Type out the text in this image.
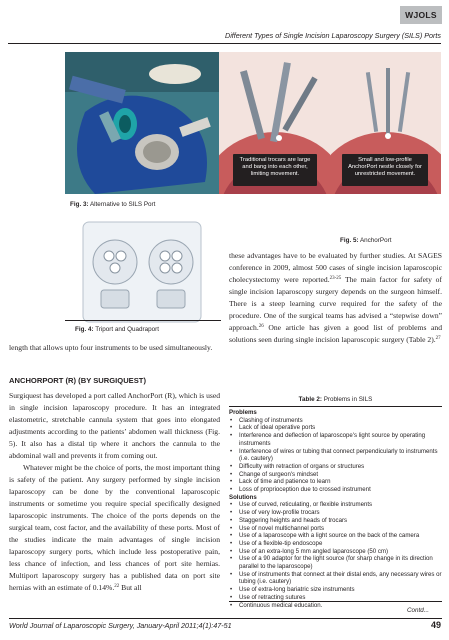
WJOLS
Different Types of Single Incision Laparoscopy Surgery (SILS) Ports
Traditional trocars are large and bang into each other, limiting movement.
Small and low-profile AnchorPort nestle closely for unrestricted movement.
Fig. 3: Alternative to SILS Port
Fig. 5: AnchorPort
Fig. 4: Triport and Quadraport

length that allows upto four instruments to be used simultaneously.

ANCHORPORT (R) (BY SURGIQUEST)

Surgiquest has developed a port called AnchorPort (R), which is used in single incision laparoscopy procedure. It has an integrated elastometric, stretchable cannula system that goes into elongated adjustments according to the patients’ abdomen wall thickness (Fig. 5). It also has a distal tip where it anchors the cannula to the abdominal wall and prevents it from coming out.

Whatever might be the choice of ports, the most important thing is safety of the patient. Any surgery performed by single incision laparoscopy can be done by the conventional laparoscopic instruments or sometime you require special specifically designed laparoscopic instruments. The choice of the ports depends on the surgical team, cost factor, and the availability of these ports. Most of the studies indicate the main advantages of single incision laparoscopy surgery ports, which include less postoperative pain, less chance of infection, and less chances of port site hernias. Multiport laparoscopy surgery has a published data on port site hernias with an estimate of 0.14%.$^{22}$ But all

these advantages have to be evaluated by further studies. At SAGES conference in 2009, almost 500 cases of single incision laparoscopic cholecystectomy were reported.$^{23-25}$ The main factor for safety of single incision laparoscopy surgery depends on the surgeon himself. There is a steep learning curve required for the safety of the procedure. One of the surgical teams has advised a “stepwise down” approach.$^{26}$ One article has given a good list of problems and solutions seen during single incision laparoscopic surgery (Table 2).$^{27}$

Table 2: Problems in SILS
Problems
• Clashing of instruments
• Lack of ideal operative ports
• Interference and deflection of laparoscope's light source by operating instruments
• Interference of wires or tubing that connect perpendicularly to instruments (i.e. cautery)
• Difficulty with retraction of organs or structures
• Change of surgeon's mindset
• Lack of time and patience to learn
• Loss of proprioception due to crossed instrument
Solutions
• Use of curved, reticulating, or flexible instruments
• Use of very low-profile trocars
• Staggering heights and heads of trocars
• Use of novel multichannel ports
• Use of a laparoscope with a light source on the back of the camera
• Use of a flexible-tip endoscope
• Use of an extra-long 5 mm angled laparoscope (50 cm)
• Use of a 90 adaptor for the light source (for sharp change in its direction parallel to the laparoscope)
• Use of instruments that connect at their distal ends, any necessary wires or tubing (i.e. cautery)
• Use of extra-long bariatric size instruments
• Use of retracting sutures
• Continuous medical education.
Contd...
World Journal of Laparoscopic Surgery, January-April 2011;4(1):47-51	49
